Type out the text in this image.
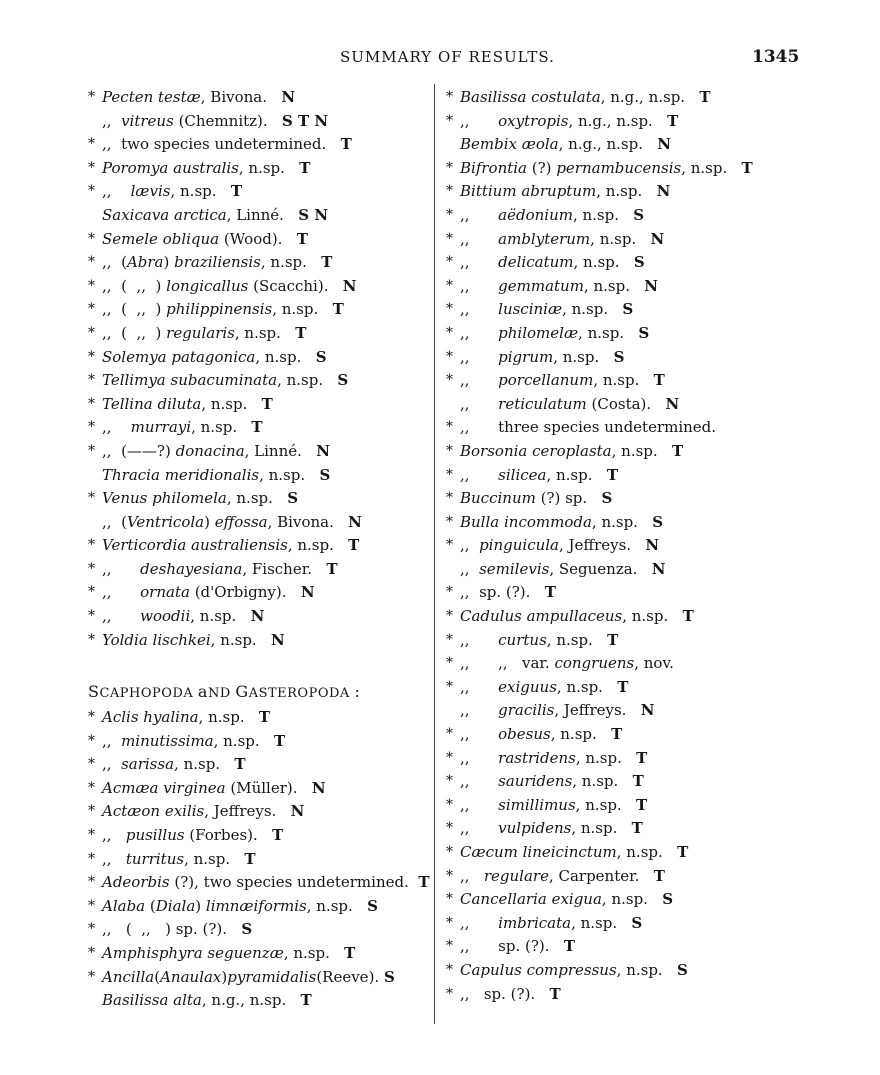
SUMMARY OF RESULTS.	1345
* Pecten testæ, Bivona.   N
,,  vitreus (Chemnitz).   S T N
* ,,  two species undetermined.   T
* Poromya australis, n.sp.   T
* ,,    lævis, n.sp.   T
Saxicava arctica, Linné.   S N
* Semele obliqua (Wood).   T
* ,,  (Abra) braziliensis, n.sp.   T
* ,,  (  ,,  ) longicallus (Scacchi).   N
* ,,  (  ,,  ) philippinensis, n.sp.   T
* ,,  (  ,,  ) regularis, n.sp.   T
* Solemya patagonica, n.sp.   S
* Tellimya subacuminata, n.sp.   S
* Tellina diluta, n.sp.   T
* ,,    murrayi, n.sp.   T
* ,,  (——?) donacina, Linné.   N
Thracia meridionalis, n.sp.   S
* Venus philomela, n.sp.   S
,,  (Ventricola) effossa, Bivona.   N
* Verticordia australiensis, n.sp.   T
* ,,      deshayesiana, Fischer.   T
* ,,      ornata (d'Orbigny).   N
* ,,      woodii, n.sp.   N
* Yoldia lischkei, n.sp.   N
SCAPHOPODA aND GASTEROPODA :
* Aclis hyalina, n.sp.   T
* ,,  minutissima, n.sp.   T
* ,,  sarissa, n.sp.   T
* Acmæa virginea (Müller).   N
* Actæon exilis, Jeffreys.   N
* ,,   pusillus (Forbes).   T
* ,,   turritus, n.sp.   T
* Adeorbis (?), two species undetermined.  T
* Alaba (Diala) limnæiformis, n.sp.   S
* ,,   (  ,,   ) sp. (?).   S
* Amphisphyra seguenzæ, n.sp.   T
* Ancilla(Anaulax)pyramidalis(Reeve). S
Basilissa alta, n.g., n.sp.   T
* Basilissa costulata, n.g., n.sp.   T
* ,,      oxytropis, n.g., n.sp.   T
Bembix æola, n.g., n.sp.   N
* Bifrontia (?) pernambucensis, n.sp.   T
* Bittium abruptum, n.sp.   N
* ,,      aëdonium, n.sp.   S
* ,,      amblyterum, n.sp.   N
* ,,      delicatum, n.sp.   S
* ,,      gemmatum, n.sp.   N
* ,,      lusciniæ, n.sp.   S
* ,,      philomelæ, n.sp.   S
* ,,      pigrum, n.sp.   S
* ,,      porcellanum, n.sp.   T
,,      reticulatum (Costa).   N
* ,,      three species undetermined.
* Borsonia ceroplasta, n.sp.   T
* ,,      silicea, n.sp.   T
* Buccinum (?) sp.   S
* Bulla incommoda, n.sp.   S
* ,,  pinguicula, Jeffreys.   N
,,  semilevis, Seguenza.   N
* ,,  sp. (?).   T
* Cadulus ampullaceus, n.sp.   T
* ,,      curtus, n.sp.   T
* ,,      ,,   var. congruens, nov.
* ,,      exiguus, n.sp.   T
,,      gracilis, Jeffreys.   N
* ,,      obesus, n.sp.   T
* ,,      rastridens, n.sp.   T
* ,,      sauridens, n.sp.   T
* ,,      simillimus, n.sp.   T
* ,,      vulpidens, n.sp.   T
* Cæcum lineicinctum, n.sp.   T
* ,,   regulare, Carpenter.   T
* Cancellaria exigua, n.sp.   S
* ,,      imbricata, n.sp.   S
* ,,      sp. (?).   T
* Capulus compressus, n.sp.   S
* ,,   sp. (?).   T
